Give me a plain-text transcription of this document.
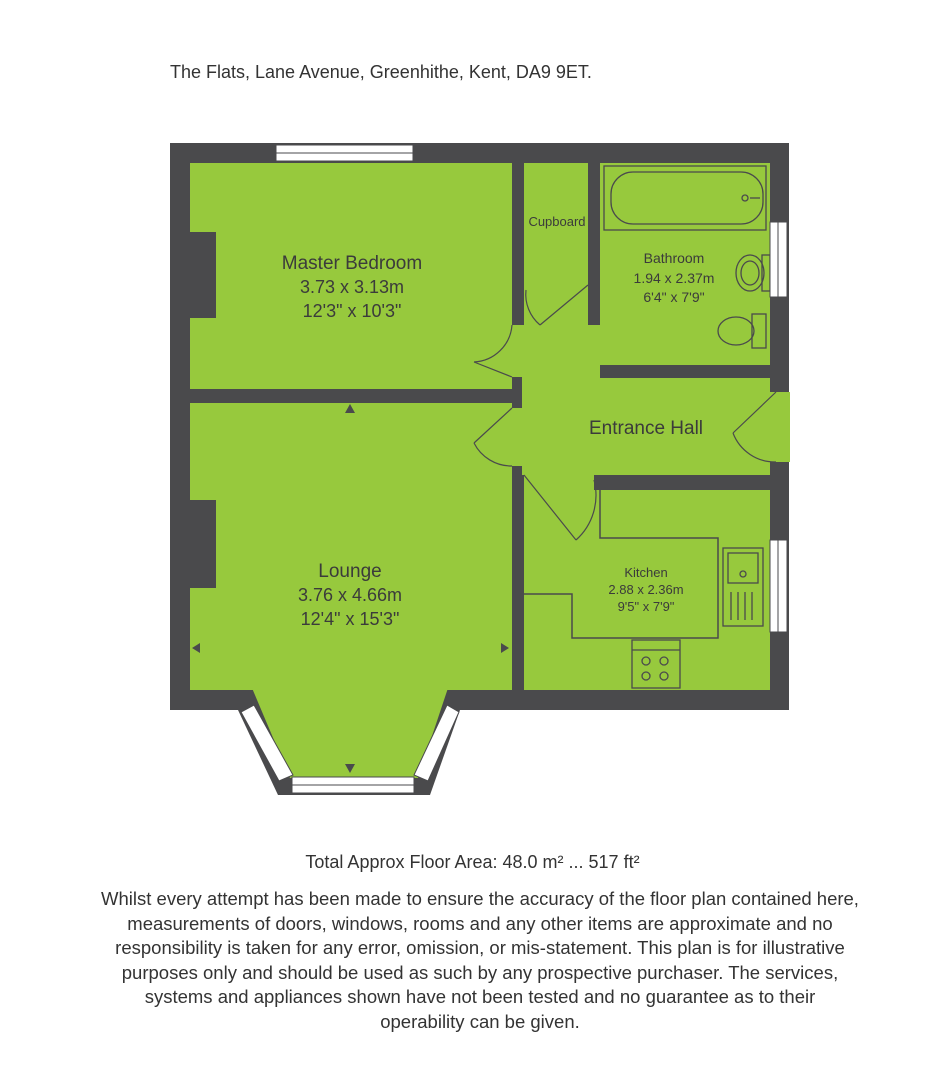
The Flats, Lane Avenue, Greenhithe, Kent, DA9 9ET.
Master Bedroom
3.73 x 3.13m
12'3" x 10'3"
Cupboard
Bathroom
1.94 x 2.37m
6'4" x 7'9"
Entrance Hall
Lounge
3.76 x 4.66m
12'4" x 15'3"
Kitchen
2.88 x 2.36m
9'5" x 7'9"
Total Approx Floor Area: 48.0 m² ... 517 ft²
Whilst every attempt has been made to ensure the accuracy of the floor plan contained here, measurements of doors, windows, rooms and any other items are approximate and no responsibility is taken for any error, omission, or mis-statement. This plan is for illustrative purposes only and should be used as such by any prospective purchaser. The services, systems and appliances shown have not been tested and no guarantee as to their operability can be given.
